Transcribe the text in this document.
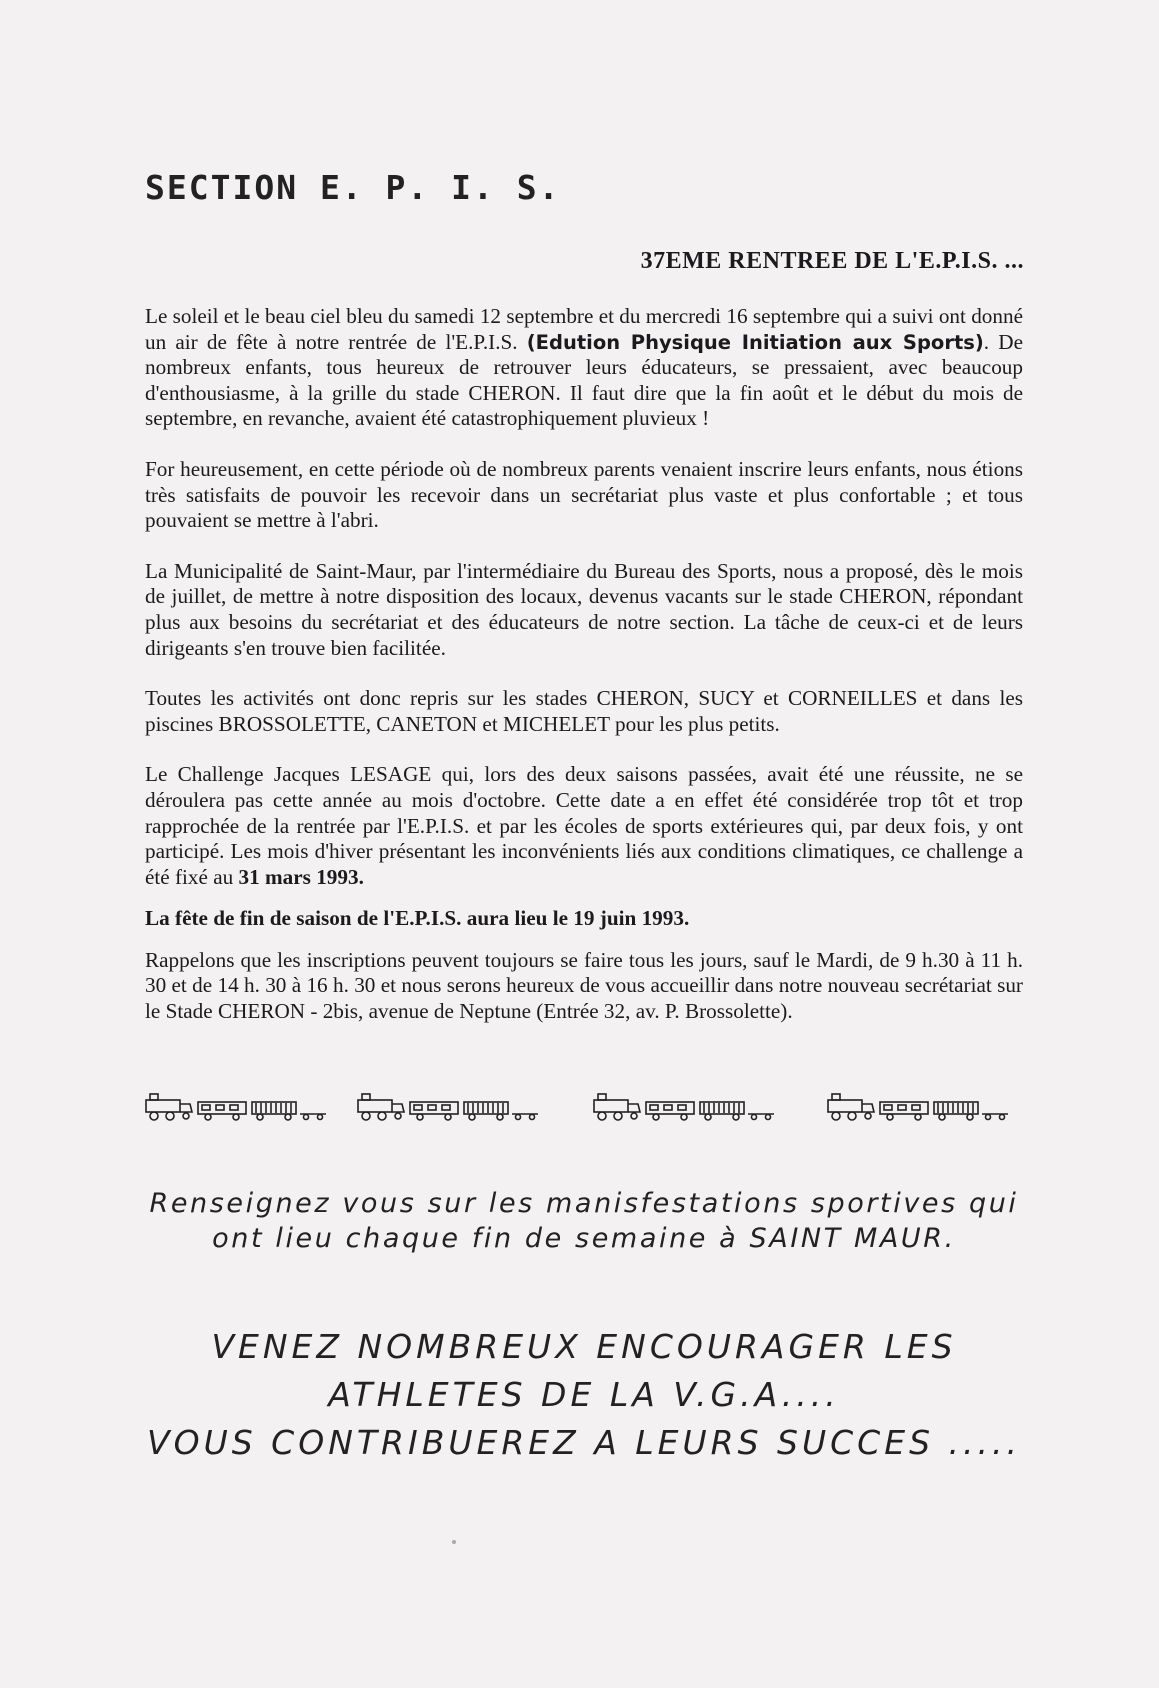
SECTION E. P. I. S.
37EME RENTREE DE L'E.P.I.S. ...

Le soleil et le beau ciel bleu du samedi 12 septembre et du mercredi 16 septembre qui a suivi ont donné un air de fête à notre rentrée de l'E.P.I.S. (Edution Physique Initiation aux Sports). De nombreux enfants, tous heureux de retrouver leurs éducateurs, se pressaient, avec beaucoup d'enthousiasme, à la grille du stade CHERON. Il faut dire que la fin août et le début du mois de septembre, en revanche, avaient été catastrophiquement pluvieux !

For heureusement, en cette période où de nombreux parents venaient inscrire leurs enfants, nous étions très satisfaits de pouvoir les recevoir dans un secrétariat plus vaste et plus confortable ; et tous pouvaient se mettre à l'abri.

La Municipalité de Saint-Maur, par l'intermédiaire du Bureau des Sports, nous a proposé, dès le mois de juillet, de mettre à notre disposition des locaux, devenus vacants sur le stade CHERON, répondant plus aux besoins du secrétariat et des éducateurs de notre section. La tâche de ceux-ci et de leurs dirigeants s'en trouve bien facilitée.

Toutes les activités ont donc repris sur les stades CHERON, SUCY et CORNEILLES et dans les piscines BROSSOLETTE, CANETON et MICHELET pour les plus petits.

Le Challenge Jacques LESAGE qui, lors des deux saisons passées, avait été une réussite, ne se déroulera pas cette année au mois d'octobre. Cette date a en effet été considérée trop tôt et trop rapprochée de la rentrée par l'E.P.I.S. et par les écoles de sports extérieures qui, par deux fois, y ont participé. Les mois d'hiver présentant les inconvénients liés aux conditions climatiques, ce challenge a été fixé au 31 mars 1993.

La fête de fin de saison de l'E.P.I.S. aura lieu le 19 juin 1993.

Rappelons que les inscriptions peuvent toujours se faire tous les jours, sauf le Mardi, de 9 h.30 à 11 h. 30 et de 14 h. 30 à 16 h. 30 et nous serons heureux de vous accueillir dans notre nouveau secrétariat sur le Stade CHERON - 2bis, avenue de Neptune (Entrée 32, av. P. Brossolette).

Renseignez vous sur les manisfestations sportives qui ont lieu chaque fin de semaine à SAINT MAUR.
VENEZ NOMBREUX ENCOURAGER LES
ATHLETES DE LA V.G.A....
VOUS CONTRIBUEREZ A LEURS SUCCES .....
